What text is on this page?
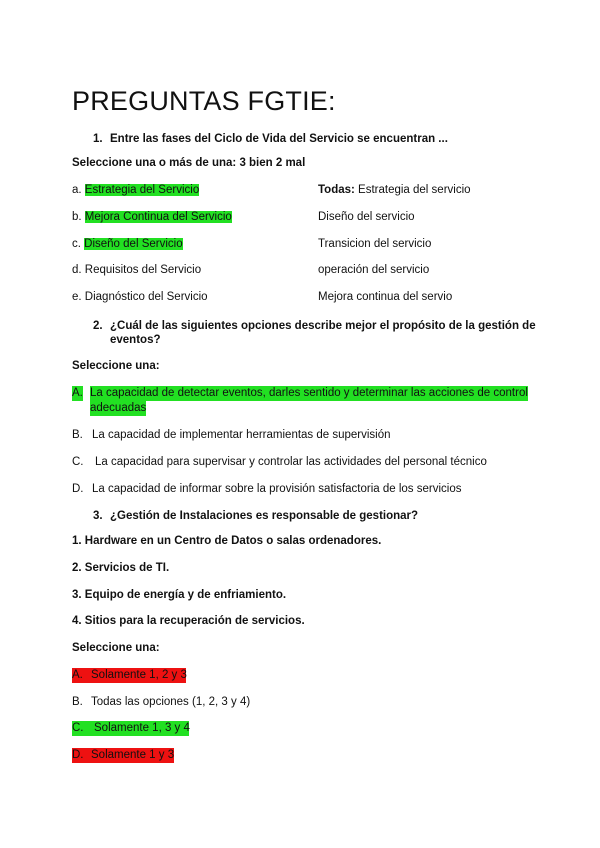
PREGUNTAS FGTIE:
1. Entre las fases del Ciclo de Vida del Servicio se encuentran ...
Seleccione una o más de una: 3 bien 2 mal
a. Estrategia del Servicio
b. Mejora Continua del Servicio
c. Diseño del Servicio
d. Requisitos del Servicio
e. Diagnóstico del Servicio
Todas: Estrategia del servicio
Diseño del servicio
Transicion del servicio
operación del servicio
Mejora continua del servio
2. ¿Cuál de las siguientes opciones describe mejor el propósito de la gestión de
eventos?
Seleccione una:
A. La capacidad de detectar eventos, darles sentido y determinar las acciones de control
adecuadas
B. La capacidad de implementar herramientas de supervisión
C. La capacidad para supervisar y controlar las actividades del personal técnico
D. La capacidad de informar sobre la provisión satisfactoria de los servicios
3. ¿Gestión de Instalaciones es responsable de gestionar?
1. Hardware en un Centro de Datos o salas ordenadores.
2. Servicios de TI.
3. Equipo de energía y de enfriamiento.
4. Sitios para la recuperación de servicios.
Seleccione una:
A. Solamente 1, 2 y 3
B. Todas las opciones (1, 2, 3 y 4)
C. Solamente 1, 3 y 4
D. Solamente 1 y 3
